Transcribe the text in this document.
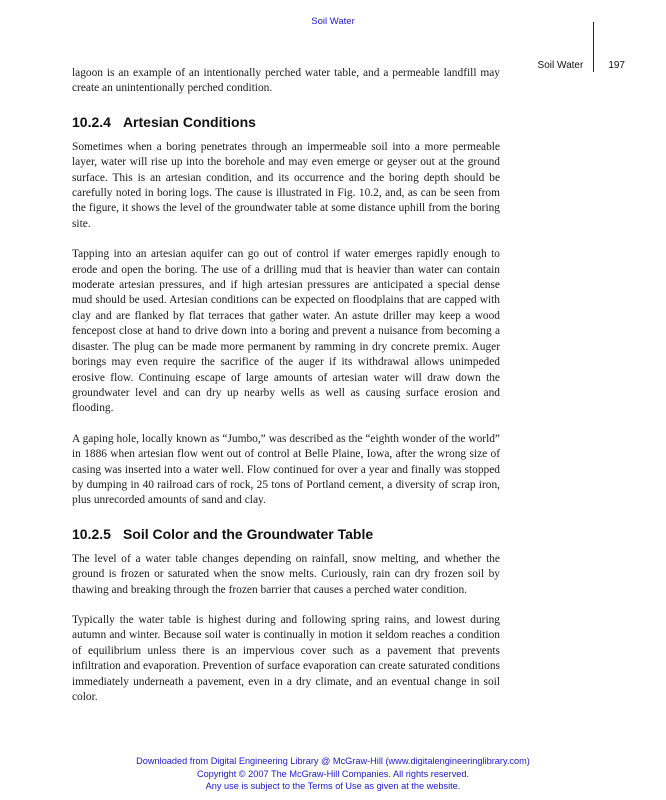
Soil Water
Soil Water	197

lagoon is an example of an intentionally perched water table, and a permeable landfill may create an unintentionally perched condition.

10.2.4 Artesian Conditions

Sometimes when a boring penetrates through an impermeable soil into a more permeable layer, water will rise up into the borehole and may even emerge or geyser out at the ground surface. This is an artesian condition, and its occurrence and the boring depth should be carefully noted in boring logs. The cause is illustrated in Fig. 10.2, and, as can be seen from the figure, it shows the level of the groundwater table at some distance uphill from the boring site.

Tapping into an artesian aquifer can go out of control if water emerges rapidly enough to erode and open the boring. The use of a drilling mud that is heavier than water can contain moderate artesian pressures, and if high artesian pressures are anticipated a special dense mud should be used. Artesian conditions can be expected on floodplains that are capped with clay and are flanked by flat terraces that gather water. An astute driller may keep a wood fencepost close at hand to drive down into a boring and prevent a nuisance from becoming a disaster. The plug can be made more permanent by ramming in dry concrete premix. Auger borings may even require the sacrifice of the auger if its withdrawal allows unimpeded erosive flow. Continuing escape of large amounts of artesian water will draw down the groundwater level and can dry up nearby wells as well as causing surface erosion and flooding.

A gaping hole, locally known as “Jumbo,” was described as the “eighth wonder of the world” in 1886 when artesian flow went out of control at Belle Plaine, Iowa, after the wrong size of casing was inserted into a water well. Flow continued for over a year and finally was stopped by dumping in 40 railroad cars of rock, 25 tons of Portland cement, a diversity of scrap iron, plus unrecorded amounts of sand and clay.

10.2.5 Soil Color and the Groundwater Table

The level of a water table changes depending on rainfall, snow melting, and whether the ground is frozen or saturated when the snow melts. Curiously, rain can dry frozen soil by thawing and breaking through the frozen barrier that causes a perched water condition.

Typically the water table is highest during and following spring rains, and lowest during autumn and winter. Because soil water is continually in motion it seldom reaches a condition of equilibrium unless there is an impervious cover such as a pavement that prevents infiltration and evaporation. Prevention of surface evaporation can create saturated conditions immediately underneath a pavement, even in a dry climate, and an eventual change in soil color.

Downloaded from Digital Engineering Library @ McGraw-Hill (www.digitalengineeringlibrary.com)
Copyright © 2007 The McGraw-Hill Companies. All rights reserved.
Any use is subject to the Terms of Use as given at the website.
